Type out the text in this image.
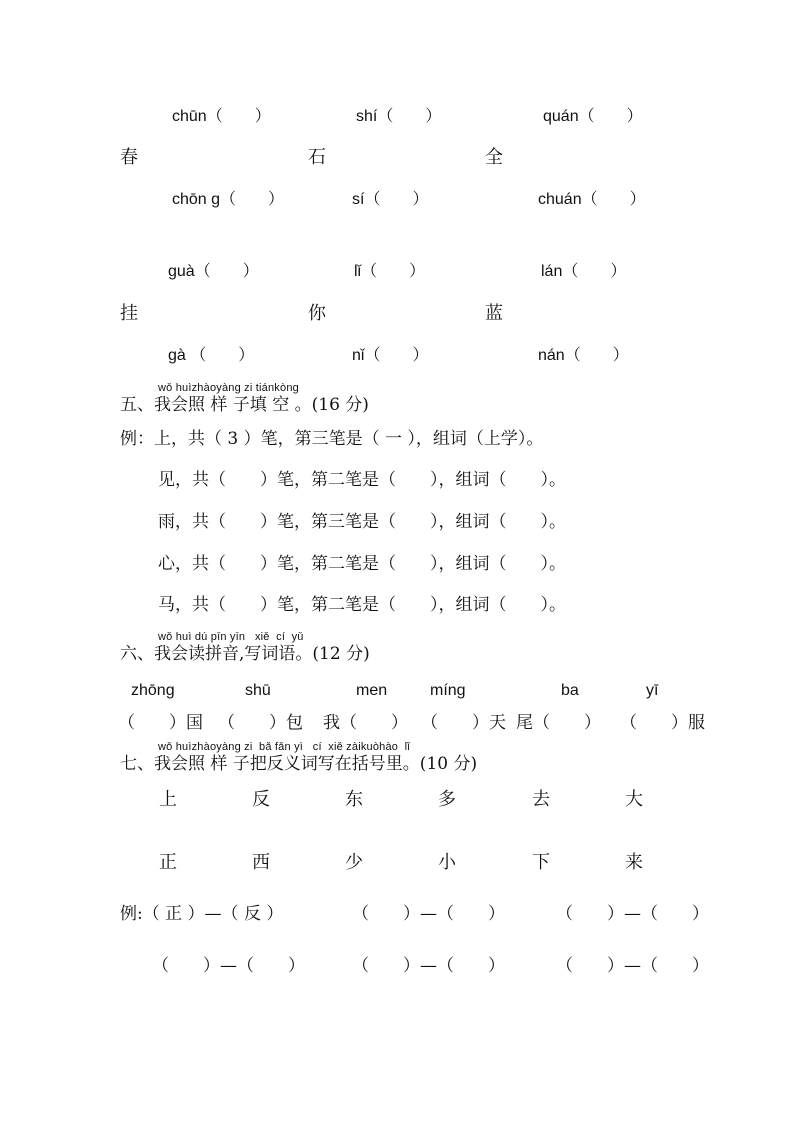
chūn（　　）	shí（　　）	quán（　　）
春	石	全
chōn g（　　）	sí（　　）	chuán（　　）
guà（　　）	lǐ（　　）	lán（　　）
挂	你	蓝
gà （　　）	nǐ（　　）	nán（　　）
wǒ huìzhàoyàng zi tiánkòng
五、我会照 样 子填 空 。(16 分)
例：上，共（ 3 ）笔，第三笔是（ 一 ），组词（上学）。
见，共（　　）笔，第二笔是（　　），组词（　　）。
雨，共（　　）笔，第三笔是（　　），组词（　　）。
心，共（　　）笔，第二笔是（　　），组词（　　）。
马，共（　　）笔，第二笔是（　　），组词（　　）。
wǒ huì dú pīn yīn   xiě  cí  yǔ
六、我会读拼音,写词语。(12 分)
zhōng	shū	men	míng	ba	yī
（　　）国 （　　）包 我（　　） （　　）天 尾（　　） （　　）服
wǒ huìzhàoyàng zi  bǎ fǎn yì   cí  xiě zàikuòhào  lǐ
七、我会照 样 子把反义词写在括号里。(10 分)
上	反	东	多	去	大
正	西	少	小	下	来
例:（ 正 ）—（ 反 ）	（　　）—（　　）	（　　）—（　　）
（　　）—（　　）	（　　）—（　　）	（　　）—（　　）
